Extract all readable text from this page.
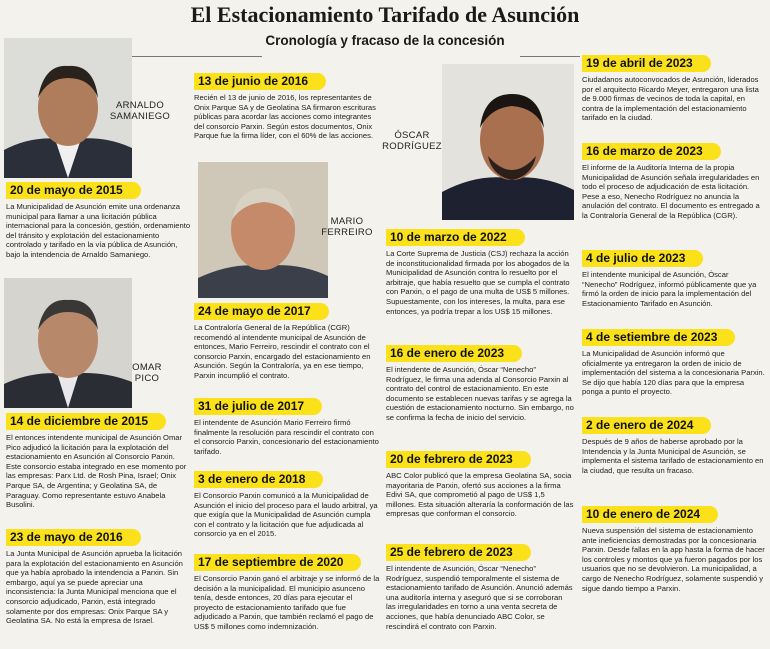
El Estacionamiento Tarifado de Asunción
Cronología y fracaso de la concesión
ARNALDO
SAMANIEGO
MARIO
FERREIRO
ÓSCAR
RODRÍGUEZ
OMAR
PICO
20 de mayo de 2015
La Municipalidad de Asunción emite una ordenanza municipal para llamar a una licitación pública internacional para la concesión, gestión, ordenamiento del tránsito y explotación del estacionamiento controlado y tarifado en la vía pública de Asunción, bajo la intendencia de Arnaldo Samaniego.
14 de diciembre de 2015
El entonces intendente municipal de Asunción Omar Pico adjudicó la licitación para la explotación del estacionamiento en Asunción al Consorcio Parxin. Este consorcio estaba integrado en ese momento por las empresas: Parx Ltd. de Rosh Pina, Israel; Onix Parque SA, de Argentina; y Geolatina SA, de Paraguay. Como representante estuvo Anabela Busolini.
23 de mayo de 2016
La Junta Municipal de Asunción aprueba la licitación para la explotación del estacionamiento en Asunción que ya había aprobado la intendencia a Parxin. Sin embargo, aquí ya se puede apreciar una inconsistencia: la Junta Municipal menciona que el consorcio adjudicado, Parxin, está integrado solamente por dos empresas: Onix Parque SA y Geolatina SA. No está la empresa de Israel.
13 de junio de 2016
Recién el 13 de junio de 2016, los representantes de Onix Parque SA y de Geolatina SA firmaron escrituras públicas para acordar las acciones como integrantes del consorcio Parxin. Según estos documentos, Onix Parque fue la firma líder, con el 60% de las acciones.
24 de mayo de 2017
La Contraloría General de la República (CGR) recomendó al intendente municipal de Asunción de entonces, Mario Ferreiro, rescindir el contrato con el consorcio Parxin, encargado del estacionamiento en Asunción. Según la Contraloría, ya en ese tiempo, Parxin incumplió el contrato.
31 de julio de 2017
El intendente de Asunción Mario Ferreiro firmó finalmente la resolución para rescindir el contrato con el consorcio Parxin, concesionario del estacionamiento tarifado.
3 de enero de 2018
El Consorcio Parxin comunicó a la Municipalidad de Asunción el inicio del proceso para el laudo arbitral, ya que exigía que la Municipalidad de Asunción cumpla con el contrato y la licitación que fue adjudicada al consorcio ya en el 2015.
17 de septiembre de 2020
El Consorcio Parxin ganó el arbitraje y se informó de la decisión a la municipalidad. El municipio asunceno tenía, desde entonces, 20 días para ejecutar el proyecto de estacionamiento tarifado que fue adjudicado a Parxin, que también reclamó el pago de US$ 5 millones como indemnización.
10 de marzo de 2022
La Corte Suprema de Justicia (CSJ) rechaza la acción de inconstitucionalidad firmada por los abogados de la Municipalidad de Asunción contra lo resuelto por el arbitraje, que había resuelto que se cumpla el contrato con Parxin, o el pago de una multa de US$ 5 millones. Supuestamente, con los intereses, la multa, para ese entonces, ya podría trepar a los US$ 15 millones.
16 de enero de 2023
El intendente de Asunción, Óscar “Nenecho” Rodríguez, le firma una adenda al Consorcio Parxin al contrato del control de estacionamiento. En este documento se establecen nuevas tarifas y se agrega la cuestión de estacionamiento nocturno. Sin embargo, no se confirma la fecha de inicio del servicio.
20 de febrero de 2023
ABC Color publicó que la empresa Geolatina SA, socia mayoritaria de Parxin, ofertó sus acciones a la firma Edivi SA, que comprometió al pago de US$ 1,5 millones. Esta situación alteraría la conformación de las empresas que conforman el consorcio.
25 de febrero de 2023
El intendente de Asunción, Óscar “Nenecho” Rodríguez, suspendió temporalmente el sistema de estacionamiento tarifado de Asunción. Anunció además una auditoría interna y aseguró que si se corroboran las irregularidades en torno a una venta secreta de acciones, que había denunciado ABC Color, se rescindirá el contrato con Parxin.
19 de abril de 2023
Ciudadanos autoconvocados de Asunción, liderados por el arquitecto Ricardo Meyer, entregaron una lista de 9.000 firmas de vecinos de toda la capital, en contra de la implementación del estacionamiento tarifado en la ciudad.
16 de marzo de 2023
El informe de la Auditoría Interna de la propia Municipalidad de Asunción señala irregularidades en todo el proceso de adjudicación de esta licitación. Pese a eso, Nenecho Rodríguez no anuncia la anulación del contrato. El documento es entregado a la Contraloría General de la República (CGR).
4 de julio de 2023
El intendente municipal de Asunción, Óscar “Nenecho” Rodríguez, informó públicamente que ya firmó la orden de inicio para la implementación del Estacionamiento Tarifado en Asunción.
4 de setiembre de 2023
La Municipalidad de Asunción informó que oficialmente ya entregaron la orden de inicio de implementación del sistema a la concesionaria Parxin. Se dijo que había 120 días para que la empresa ponga a punto el proyecto.
2 de enero de 2024
Después de 9 años de haberse aprobado por la Intendencia y la Junta Municipal de Asunción, se implementa el sistema tarifado de estacionamiento en la ciudad, que resulta un fracaso.
10 de enero de 2024
Nueva suspensión del sistema de estacionamiento ante ineficiencias demostradas por la concesionaria Parxin. Desde fallas en la app hasta la forma de hacer los controles y montos que ya fueron pagados por los usuarios que no se devolvieron. La municipalidad, a cargo de Nenecho Rodríguez, solamente suspendió y sigue dando tiempo a Parxin.
